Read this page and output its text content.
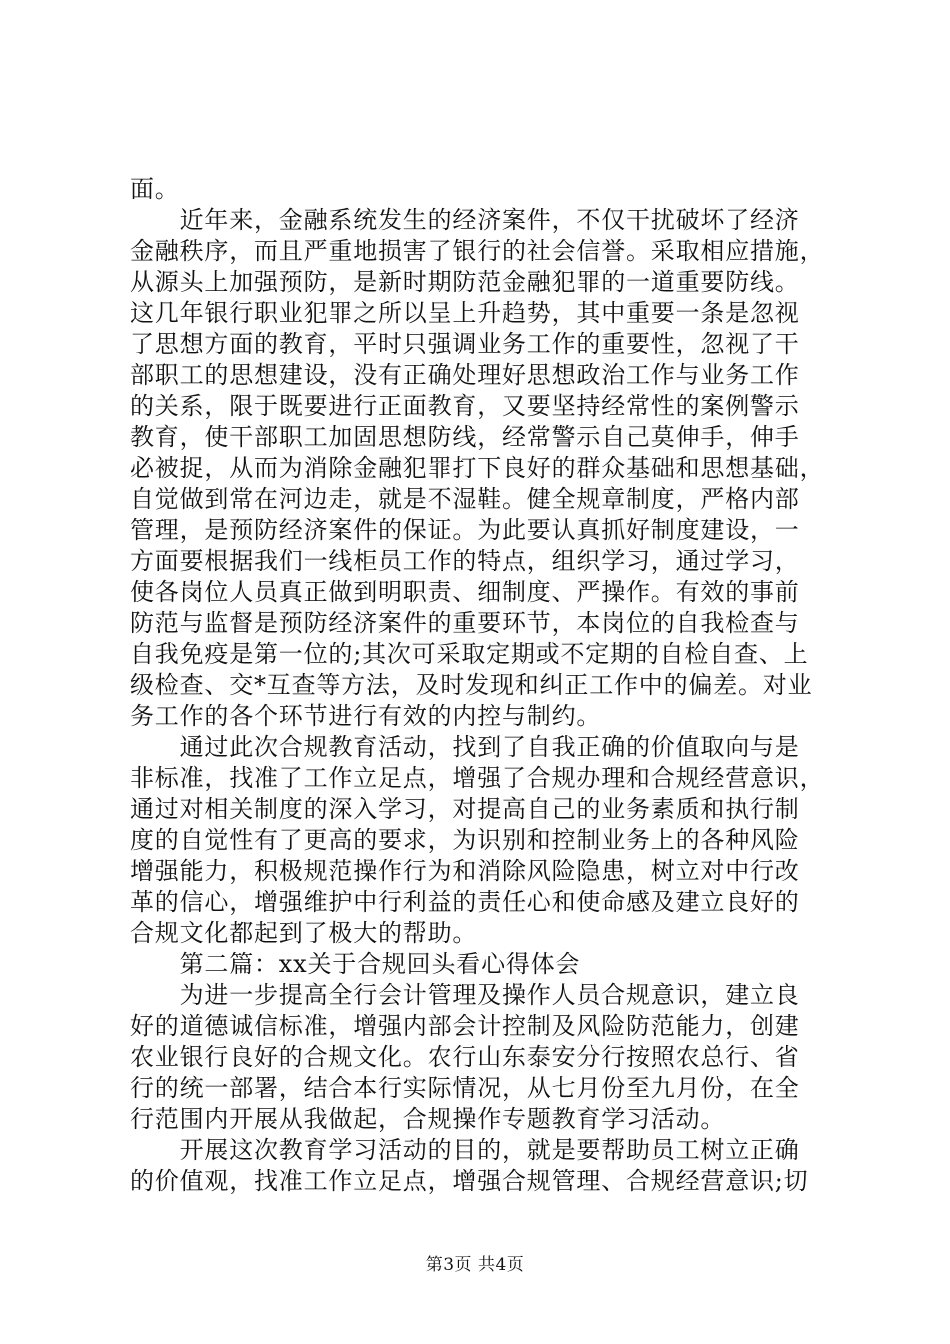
面。
　　近年来，金融系统发生的经济案件，不仅干扰破坏了经济
金融秩序，而且严重地损害了银行的社会信誉。采取相应措施，
从源头上加强预防，是新时期防范金融犯罪的一道重要防线。
这几年银行职业犯罪之所以呈上升趋势，其中重要一条是忽视
了思想方面的教育，平时只强调业务工作的重要性，忽视了干
部职工的思想建设，没有正确处理好思想政治工作与业务工作
的关系，限于既要进行正面教育，又要坚持经常性的案例警示
教育，使干部职工加固思想防线，经常警示自己莫伸手，伸手
必被捉，从而为消除金融犯罪打下良好的群众基础和思想基础，
自觉做到常在河边走，就是不湿鞋。健全规章制度，严格内部
管理，是预防经济案件的保证。为此要认真抓好制度建设，一
方面要根据我们一线柜员工作的特点，组织学习，通过学习，
使各岗位人员真正做到明职责、细制度、严操作。有效的事前
防范与监督是预防经济案件的重要环节，本岗位的自我检查与
自我免疫是第一位的;其次可采取定期或不定期的自检自查、上
级检查、交*互查等方法，及时发现和纠正工作中的偏差。对业
务工作的各个环节进行有效的内控与制约。
　　通过此次合规教育活动，找到了自我正确的价值取向与是
非标准，找准了工作立足点，增强了合规办理和合规经营意识，
通过对相关制度的深入学习，对提高自己的业务素质和执行制
度的自觉性有了更高的要求，为识别和控制业务上的各种风险
增强能力，积极规范操作行为和消除风险隐患，树立对中行改
革的信心，增强维护中行利益的责任心和使命感及建立良好的
合规文化都起到了极大的帮助。
　　第二篇：xx关于合规回头看心得体会
　　为进一步提高全行会计管理及操作人员合规意识，建立良
好的道德诚信标准，增强内部会计控制及风险防范能力，创建
农业银行良好的合规文化。农行山东泰安分行按照农总行、省
行的统一部署，结合本行实际情况，从七月份至九月份，在全
行范围内开展从我做起，合规操作专题教育学习活动。
　　开展这次教育学习活动的目的，就是要帮助员工树立正确
的价值观，找准工作立足点，增强合规管理、合规经营意识;切
第3页 共4页
